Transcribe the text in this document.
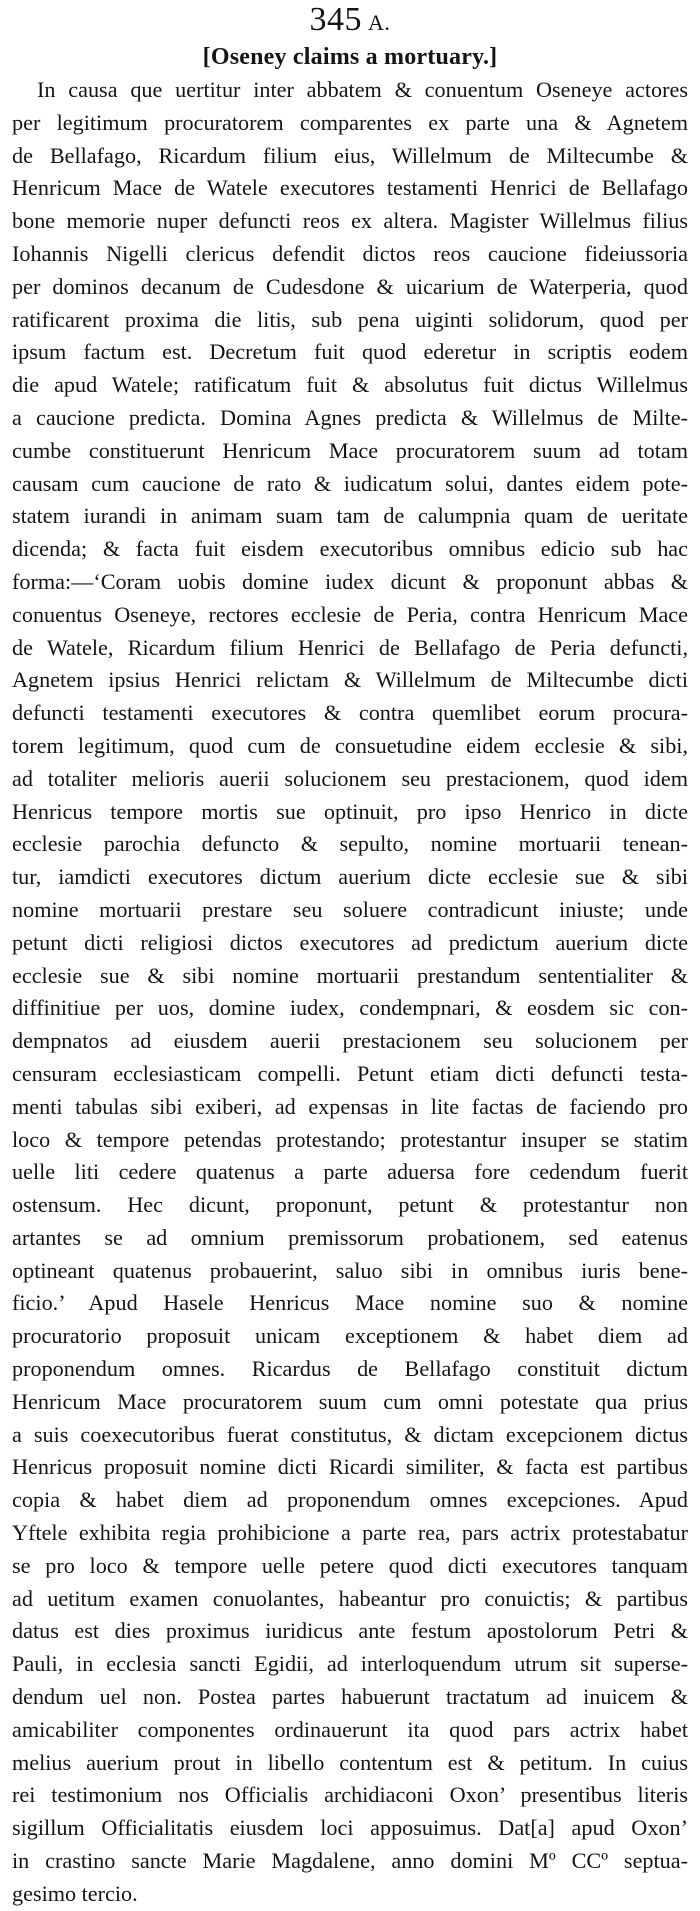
345 A.
[Oseney claims a mortuary.]
In causa que uertitur inter abbatem & conuentum Oseneye actores
per legitimum procuratorem comparentes ex parte una & Agnetem
de Bellafago, Ricardum filium eius, Willelmum de Miltecumbe &
Henricum Mace de Watele executores testamenti Henrici de Bellafago
bone memorie nuper defuncti reos ex altera. Magister Willelmus filius
Iohannis Nigelli clericus defendit dictos reos caucione fideiussoria
per dominos decanum de Cudesdone & uicarium de Waterperia, quod
ratificarent proxima die litis, sub pena uiginti solidorum, quod per
ipsum factum est. Decretum fuit quod ederetur in scriptis eodem
die apud Watele; ratificatum fuit & absolutus fuit dictus Willelmus
a caucione predicta. Domina Agnes predicta & Willelmus de Milte-
cumbe constituerunt Henricum Mace procuratorem suum ad totam
causam cum caucione de rato & iudicatum solui, dantes eidem pote-
statem iurandi in animam suam tam de calumpnia quam de ueritate
dicenda; & facta fuit eisdem executoribus omnibus edicio sub hac
forma:—‘Coram uobis domine iudex dicunt & proponunt abbas &
conuentus Oseneye, rectores ecclesie de Peria, contra Henricum Mace
de Watele, Ricardum filium Henrici de Bellafago de Peria defuncti,
Agnetem ipsius Henrici relictam & Willelmum de Miltecumbe dicti
defuncti testamenti executores & contra quemlibet eorum procura-
torem legitimum, quod cum de consuetudine eidem ecclesie & sibi,
ad totaliter melioris auerii solucionem seu prestacionem, quod idem
Henricus tempore mortis sue optinuit, pro ipso Henrico in dicte
ecclesie parochia defuncto & sepulto, nomine mortuarii tenean-
tur, iamdicti executores dictum auerium dicte ecclesie sue & sibi
nomine mortuarii prestare seu soluere contradicunt iniuste; unde
petunt dicti religiosi dictos executores ad predictum auerium dicte
ecclesie sue & sibi nomine mortuarii prestandum sententialiter &
diffinitiue per uos, domine iudex, condempnari, & eosdem sic con-
dempnatos ad eiusdem auerii prestacionem seu solucionem per
censuram ecclesiasticam compelli. Petunt etiam dicti defuncti testa-
menti tabulas sibi exiberi, ad expensas in lite factas de faciendo pro
loco & tempore petendas protestando; protestantur insuper se statim
uelle liti cedere quatenus a parte aduersa fore cedendum fuerit
ostensum. Hec dicunt, proponunt, petunt & protestantur non
artantes se ad omnium premissorum probationem, sed eatenus
optineant quatenus probauerint, saluo sibi in omnibus iuris bene-
ficio.’ Apud Hasele Henricus Mace nomine suo & nomine
procuratorio proposuit unicam exceptionem & habet diem ad
proponendum omnes. Ricardus de Bellafago constituit dictum
Henricum Mace procuratorem suum cum omni potestate qua prius
a suis coexecutoribus fuerat constitutus, & dictam excepcionem dictus
Henricus proposuit nomine dicti Ricardi similiter, & facta est partibus
copia & habet diem ad proponendum omnes excepciones. Apud
Yftele exhibita regia prohibicione a parte rea, pars actrix protestabatur
se pro loco & tempore uelle petere quod dicti executores tanquam
ad uetitum examen conuolantes, habeantur pro conuictis; & partibus
datus est dies proximus iuridicus ante festum apostolorum Petri &
Pauli, in ecclesia sancti Egidii, ad interloquendum utrum sit superse-
dendum uel non. Postea partes habuerunt tractatum ad inuicem &
amicabiliter componentes ordinauerunt ita quod pars actrix habet
melius auerium prout in libello contentum est & petitum. In cuius
rei testimonium nos Officialis archidiaconi Oxon’ presentibus literis
sigillum Officialitatis eiusdem loci apposuimus. Dat[a] apud Oxon’
in crastino sancte Marie Magdalene, anno domini Mº CCº septua-
gesimo tercio.
